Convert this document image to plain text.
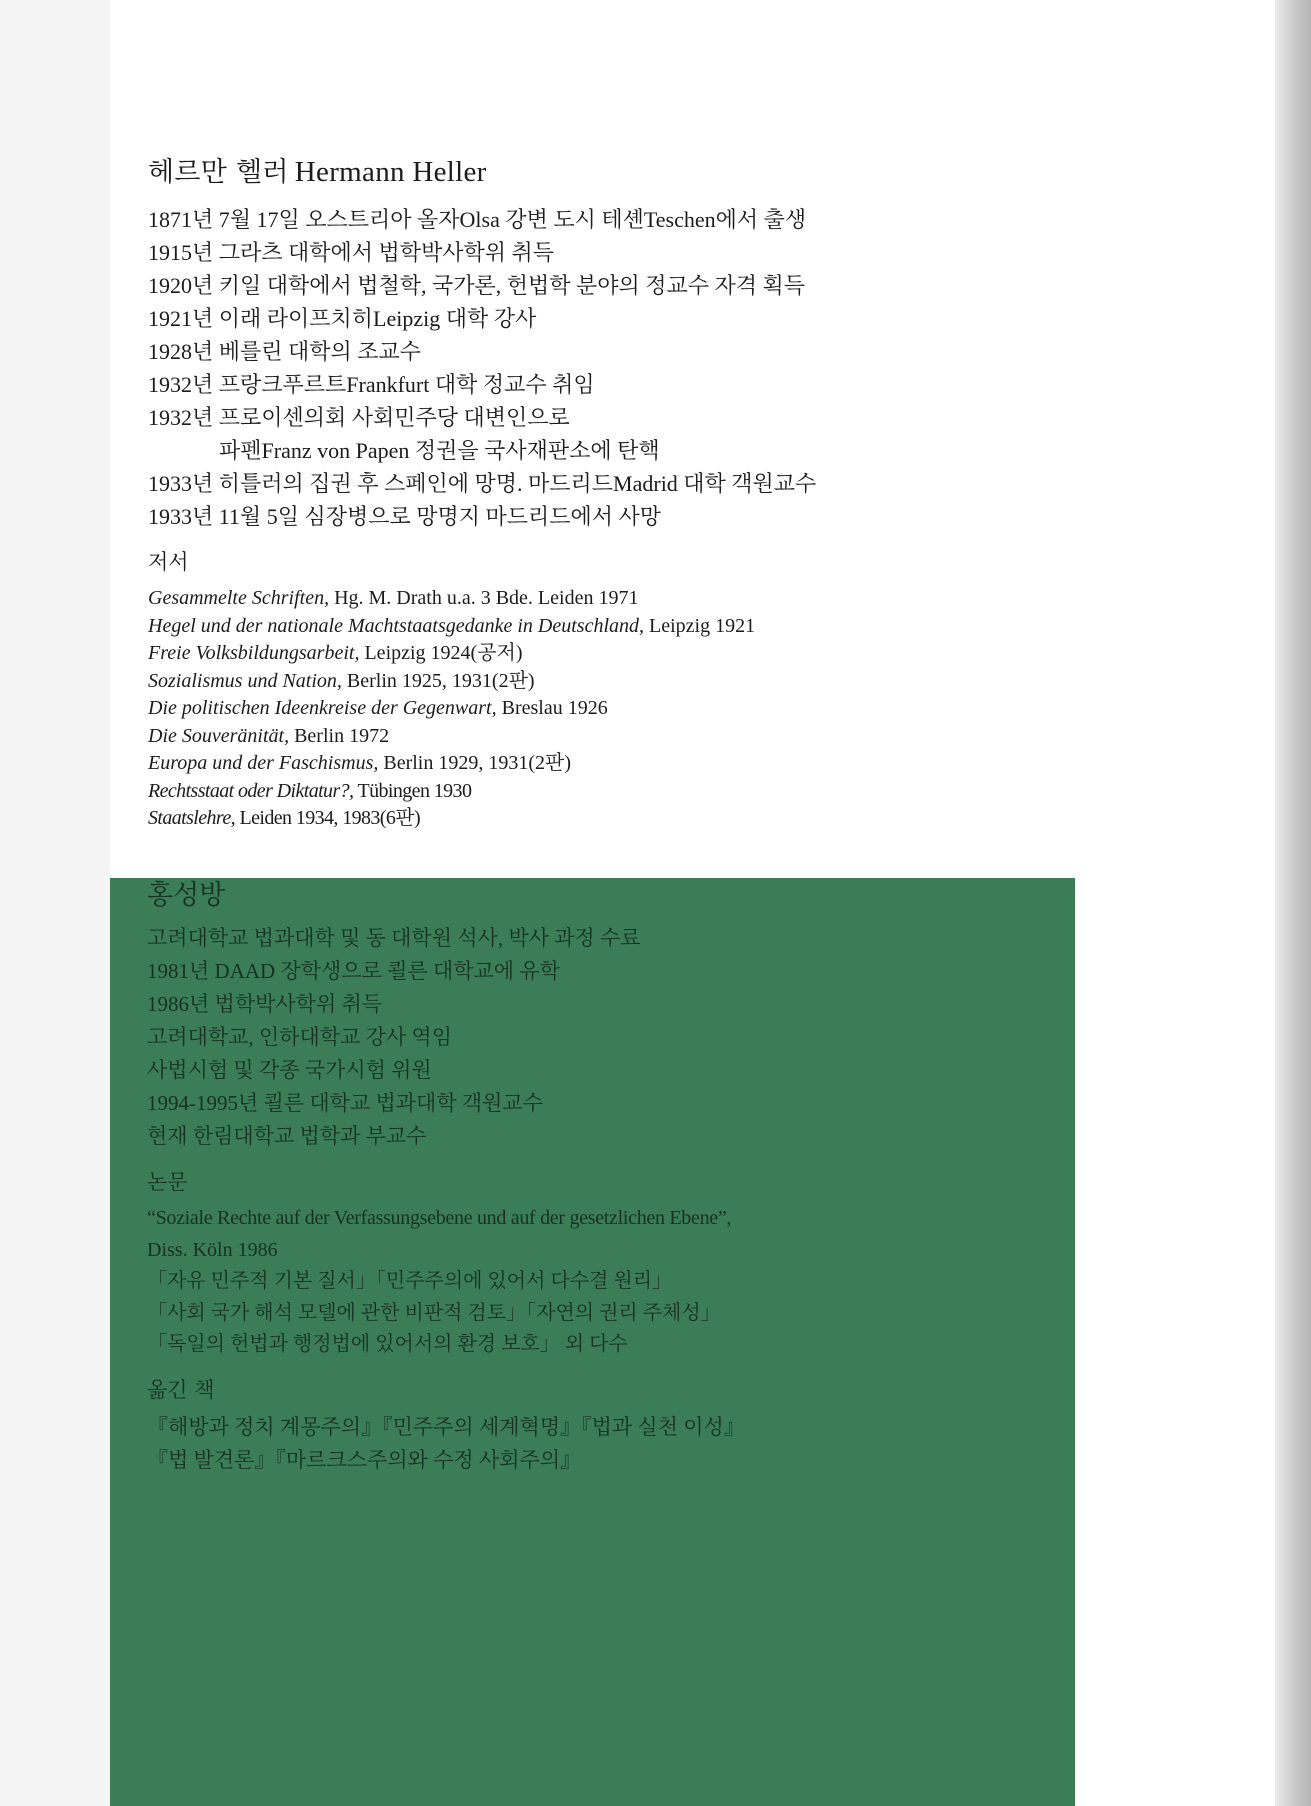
헤르만 헬러 Hermann Heller
1871년 7월 17일 오스트리아 올자Olsa 강변 도시 테셴Teschen에서 출생
1915년 그라츠 대학에서 법학박사학위 취득
1920년 키일 대학에서 법철학, 국가론, 헌법학 분야의 정교수 자격 획득
1921년 이래 라이프치히Leipzig 대학 강사
1928년 베를린 대학의 조교수
1932년 프랑크푸르트Frankfurt 대학 정교수 취임
1932년 프로이센의회 사회민주당 대변인으로
파펜Franz von Papen 정권을 국사재판소에 탄핵
1933년 히틀러의 집권 후 스페인에 망명. 마드리드Madrid 대학 객원교수
1933년 11월 5일 심장병으로 망명지 마드리드에서 사망
저서
Gesammelte Schriften, Hg. M. Drath u.a. 3 Bde. Leiden 1971
Hegel und der nationale Machtstaatsgedanke in Deutschland, Leipzig 1921
Freie Volksbildungsarbeit, Leipzig 1924(공저)
Sozialismus und Nation, Berlin 1925, 1931(2판)
Die politischen Ideenkreise der Gegenwart, Breslau 1926
Die Souveränität, Berlin 1972
Europa und der Faschismus, Berlin 1929, 1931(2판)
Rechtsstaat oder Diktatur?, Tübingen 1930
Staatslehre, Leiden 1934, 1983(6판)
홍성방
고려대학교 법과대학 및 동 대학원 석사, 박사 과정 수료
1981년 DAAD 장학생으로 쾰른 대학교에 유학
1986년 법학박사학위 취득
고려대학교, 인하대학교 강사 역임
사법시험 및 각종 국가시험 위원
1994-1995년 쾰른 대학교 법과대학 객원교수
현재 한림대학교 법학과 부교수
논문
“Soziale Rechte auf der Verfassungsebene und auf der gesetzlichen Ebene”,
Diss. Köln 1986
「자유 민주적 기본 질서」「민주주의에 있어서 다수결 원리」
「사회 국가 해석 모델에 관한 비판적 검토」「자연의 권리 주체성」
「독일의 헌법과 행정법에 있어서의 환경 보호」 외 다수
옮긴 책
『해방과 정치 계몽주의』『민주주의 세계혁명』『법과 실천 이성』
『법 발견론』『마르크스주의와 수정 사회주의』
